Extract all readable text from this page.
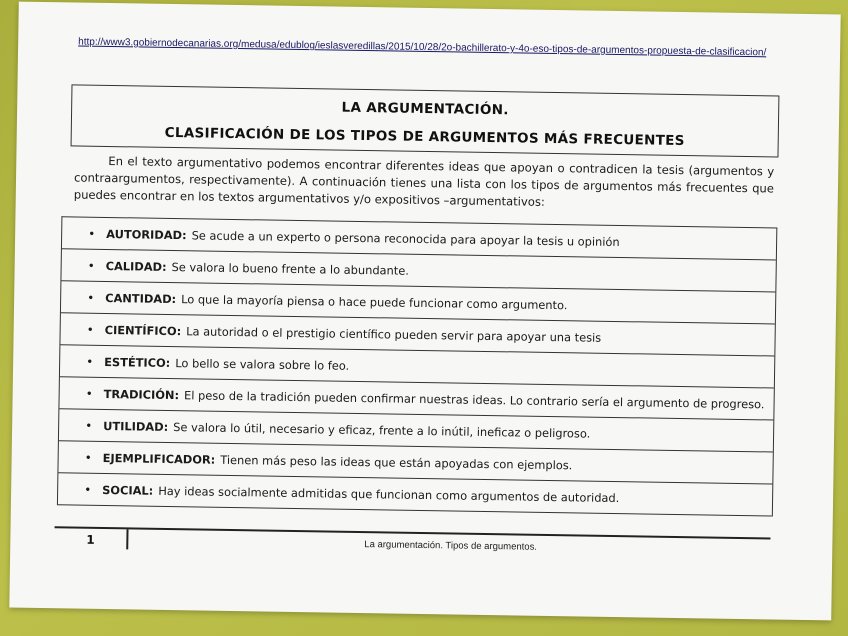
http://www3.gobiernodecanarias.org/medusa/edublog/ieslasveredillas/2015/10/28/2o-bachillerato-y-4o-eso-tipos-de-argumentos-propuesta-de-clasificacion/
LA ARGUMENTACIÓN.
CLASIFICACIÓN DE LOS TIPOS DE ARGUMENTOS MÁS FRECUENTES
En el texto argumentativo podemos encontrar diferentes ideas que apoyan o contradicen la tesis (argumentos y contraargumentos, respectivamente). A continuación tienes una lista con los tipos de argumentos más frecuentes que puedes encontrar en los textos argumentativos y/o expositivos –argumentativos:
• AUTORIDAD: Se acude a un experto o persona reconocida para apoyar la tesis u opinión
• CALIDAD: Se valora lo bueno frente a lo abundante.
• CANTIDAD: Lo que la mayoría piensa o hace puede funcionar como argumento.
• CIENTÍFICO: La autoridad o el prestigio científico pueden servir para apoyar una tesis
• ESTÉTICO: Lo bello se valora sobre lo feo.
• TRADICIÓN: El peso de la tradición pueden confirmar nuestras ideas. Lo contrario sería el argumento de progreso.
• UTILIDAD: Se valora lo útil, necesario y eficaz, frente a lo inútil, ineficaz o peligroso.
• EJEMPLIFICADOR: Tienen más peso las ideas que están apoyadas con ejemplos.
• SOCIAL: Hay ideas socialmente admitidas que funcionan como argumentos de autoridad.
1	La argumentación. Tipos de argumentos.
